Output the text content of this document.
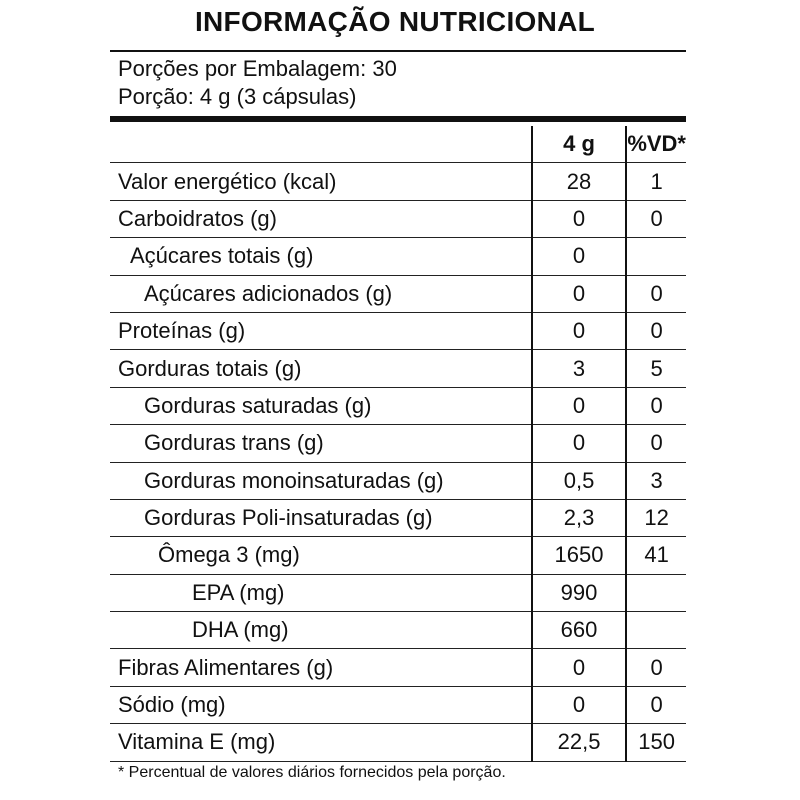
INFORMAÇÃO NUTRICIONAL
Porções por Embalagem: 30
Porção: 4 g (3 cápsulas)
	4 g	%VD*
Valor energético (kcal)	28	1
Carboidratos (g)	0	0
Açúcares totais (g)	0	
Açúcares adicionados (g)	0	0
Proteínas (g)	0	0
Gorduras totais (g)	3	5
Gorduras saturadas (g)	0	0
Gorduras trans (g)	0	0
Gorduras monoinsaturadas (g)	0,5	3
Gorduras Poli-insaturadas (g)	2,3	12
Ômega 3 (mg)	1650	41
EPA (mg)	990	
DHA (mg)	660	
Fibras Alimentares (g)	0	0
Sódio (mg)	0	0
Vitamina E (mg)	22,5	150
* Percentual de valores diários fornecidos pela porção.
